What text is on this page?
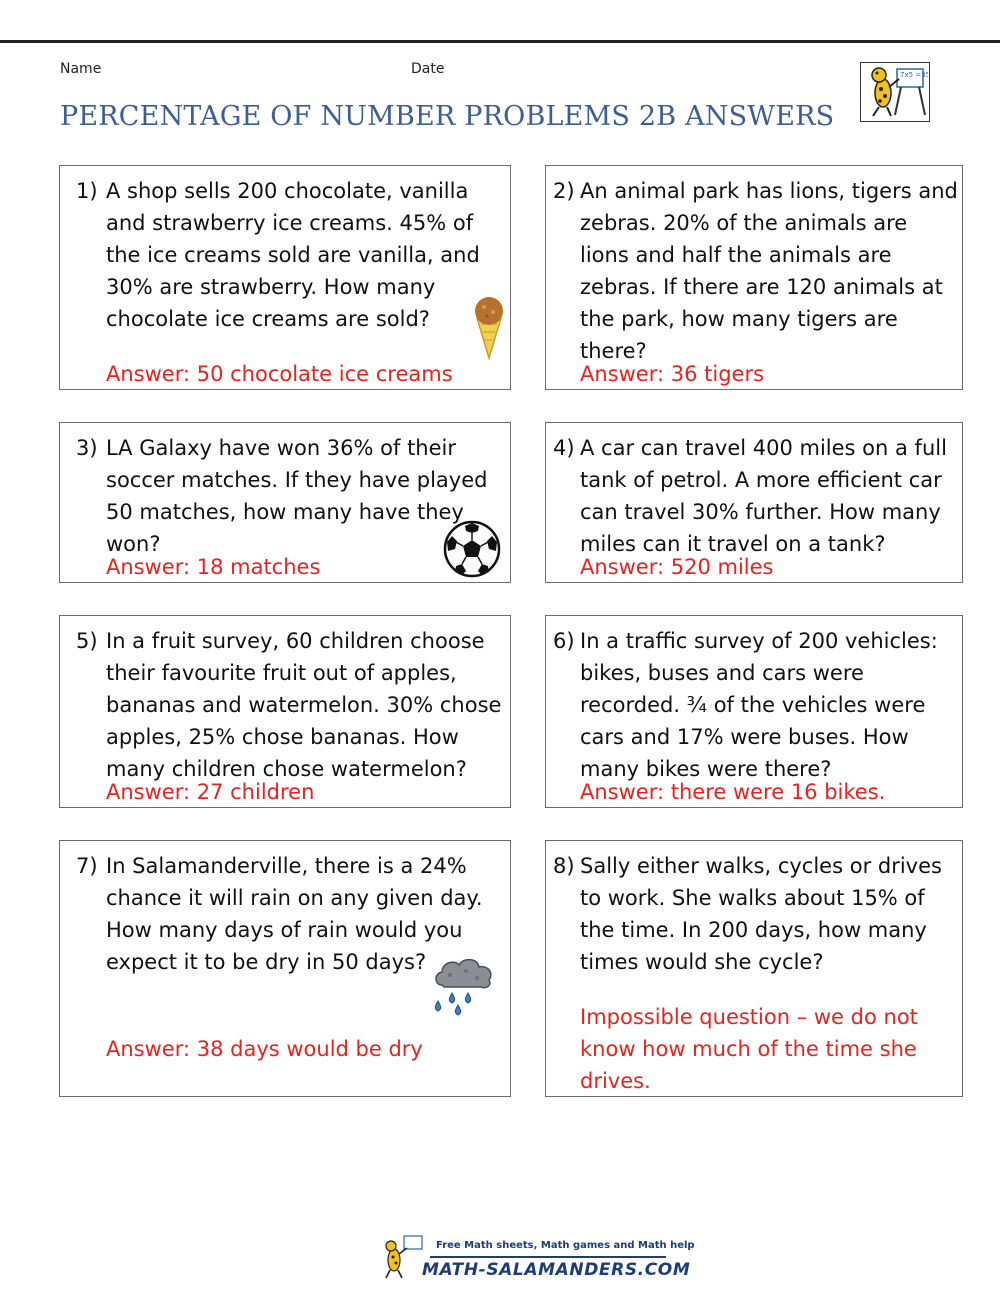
Name	Date
PERCENTAGE OF NUMBER PROBLEMS 2B ANSWERS
7x5 =35
1) A shop sells 200 chocolate, vanilla and strawberry ice creams. 45% of the ice creams sold are vanilla, and 30% are strawberry. How many chocolate ice creams are sold?
Answer: 50 chocolate ice creams
2) An animal park has lions, tigers and zebras. 20% of the animals are lions and half the animals are zebras. If there are 120 animals at the park, how many tigers are there?
Answer: 36 tigers
3) LA Galaxy have won 36% of their soccer matches. If they have played 50 matches, how many have they won?
Answer: 18 matches
4) A car can travel 400 miles on a full tank of petrol. A more efficient car can travel 30% further. How many miles can it travel on a tank?
Answer: 520 miles
5) In a fruit survey, 60 children choose their favourite fruit out of apples, bananas and watermelon. 30% chose apples, 25% chose bananas. How many children chose watermelon?
Answer: 27 children
6) In a traffic survey of 200 vehicles: bikes, buses and cars were recorded. ¾ of the vehicles were cars and 17% were buses. How many bikes were there?
Answer: there were 16 bikes.
7) In Salamanderville, there is a 24% chance it will rain on any given day. How many days of rain would you expect it to be dry in 50 days?
Answer: 38 days would be dry
8) Sally either walks, cycles or drives to work. She walks about 15% of the time. In 200 days, how many times would she cycle?
Impossible question – we do not know how much of the time she drives.
Free Math sheets, Math games and Math help
MATH-SALAMANDERS.COM
